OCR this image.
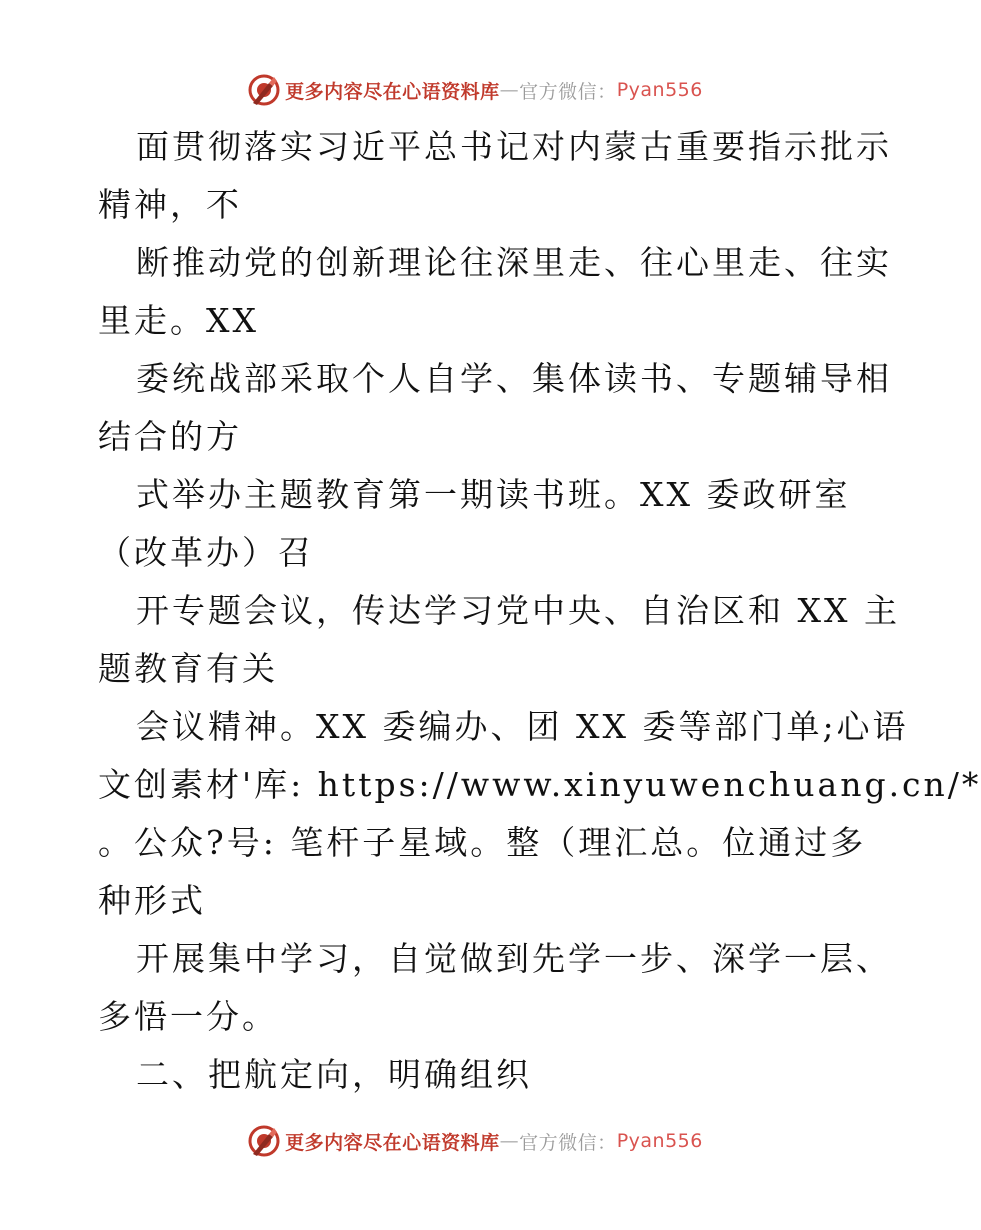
更多内容尽在心语资料库 — 官方微信： Pyan556
面贯彻落实习近平总书记对内蒙古重要指示批示
精神，不
断推动党的创新理论往深里走、往心里走、往实
里走。XX
委统战部采取个人自学、集体读书、专题辅导相
结合的方
式举办主题教育第一期读书班。XX 委政研室
（改革办）召
开专题会议，传达学习党中央、自治区和 XX 主
题教育有关
会议精神。XX 委编办、团 XX 委等部门单;心语
文创素材'库: https://www.xinyuwenchuang.cn/*
。公众?号: 笔杆子星域。整（理汇总。位通过多
种形式
开展集中学习，自觉做到先学一步、深学一层、
多悟一分。
二、把航定向，明确组织
更多内容尽在心语资料库 — 官方微信： Pyan556
